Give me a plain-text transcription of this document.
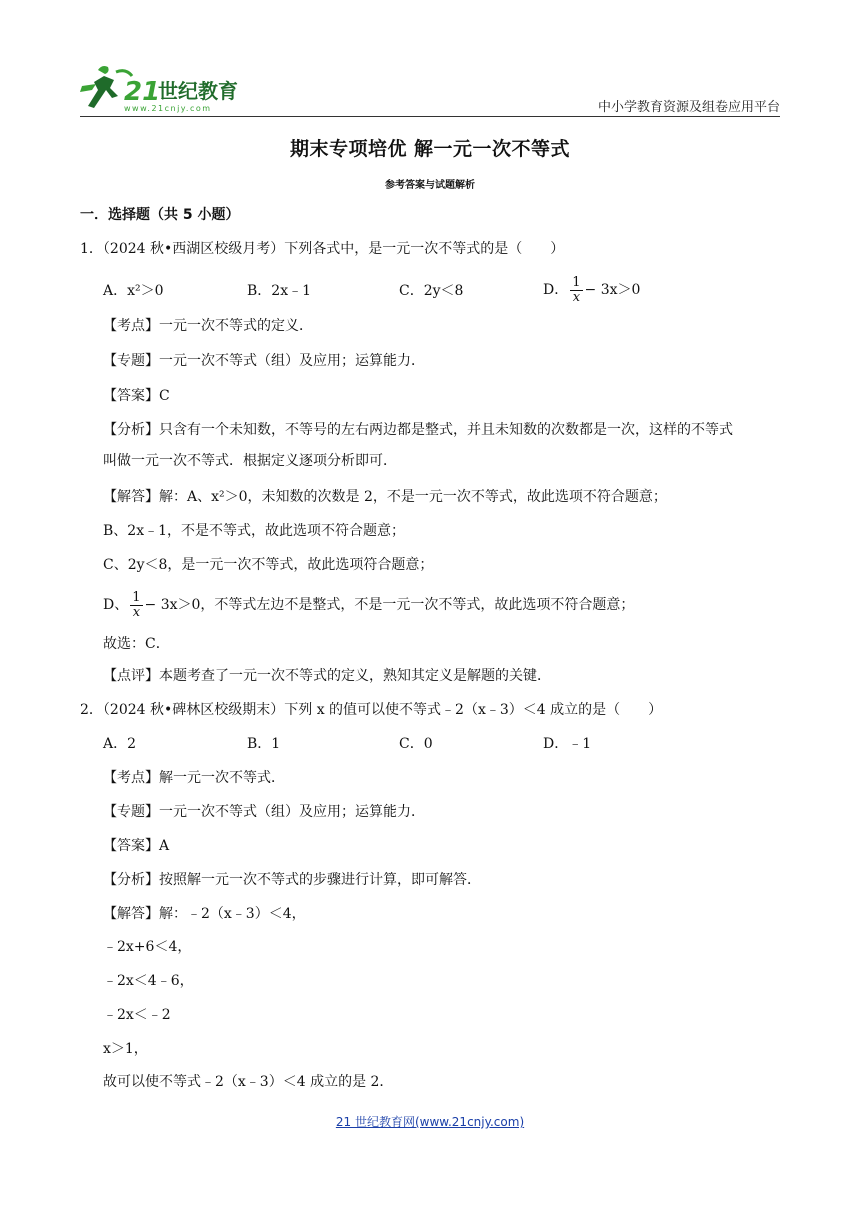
21
世纪教育
www.21cnjy.com	中小学教育资源及组卷应用平台
期末专项培优 解一元一次不等式
参考答案与试题解析
一．选择题（共 5 小题）
1．（2024 秋•西湖区校级月考）下列各式中，是一元一次不等式的是（　　）
A．x²＞0	B．2x﹣1	C．2y＜8	D． $\frac{1}{x} - 3x>0$
【考点】一元一次不等式的定义．
【专题】一元一次不等式（组）及应用；运算能力．
【答案】C
【分析】只含有一个未知数，不等号的左右两边都是整式，并且未知数的次数都是一次，这样的不等式
叫做一元一次不等式．根据定义逐项分析即可．
【解答】解：A、x²＞0，未知数的次数是 2，不是一元一次不等式，故此选项不符合题意；
B、2x﹣1，不是不等式，故此选项不符合题意；
C、2y＜8，是一元一次不等式，故此选项符合题意；
D、 $\frac{1}{x} - 3x>0$，不等式左边不是整式，不是一元一次不等式，故此选项不符合题意；
故选：C．
【点评】本题考查了一元一次不等式的定义，熟知其定义是解题的关键．
2．（2024 秋•碑林区校级期末）下列 x 的值可以使不等式﹣2（x﹣3）＜4 成立的是（　　）
A．2	B．1	C．0	D．﹣1
【考点】解一元一次不等式．
【专题】一元一次不等式（组）及应用；运算能力．
【答案】A
【分析】按照解一元一次不等式的步骤进行计算，即可解答．
【解答】解：﹣2（x﹣3）＜4，
﹣2x+6＜4，
﹣2x＜4﹣6，
﹣2x＜﹣2
x＞1，
故可以使不等式﹣2（x﹣3）＜4 成立的是 2．
21 世纪教育网(www.21cnjy.com)
